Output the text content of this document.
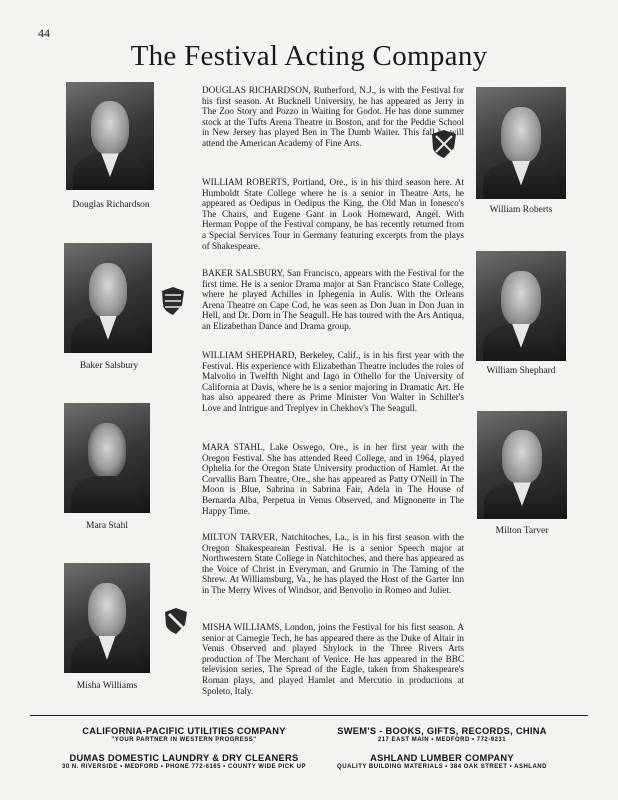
44
The Festival Acting Company
Douglas Richardson	William Roberts
Baker Salsbury	William Shephard
Mara Stahl	Milton Tarver
Misha Williams
DOUGLAS RICHARDSON, Rutherford, N.J., is with the Festival for his first season. At Bucknell University, he has appeared as Jerry in The Zoo Story and Pozzo in Waiting for Godot. He has done summer stock at the Tufts Arena Theatre in Boston, and for the Peddie School in New Jersey has played Ben in The Dumb Waiter. This fall he will attend the American Academy of Fine Arts.
WILLIAM ROBERTS, Portland, Ore., is in his third season here. At Humboldt State College where he is a senior in Theatre Arts, he appeared as Oedipus in Oedipus the King, the Old Man in Ionesco's The Chairs, and Eugene Gant in Look Homeward, Angel. With Herman Poppe of the Festival company, he has recently returned from a Special Services Tour in Germany featuring excerpts from the plays of Shakespeare.
BAKER SALSBURY, San Francisco, appears with the Festival for the first time. He is a senior Drama major at San Francisco State College, where he played Achilles in Iphegenia in Aulis. With the Orleans Arena Theatre on Cape Cod, he was seen as Don Juan in Don Juan in Hell, and Dr. Dorn in The Seagull. He has toured with the Ars Antiqua, an Elizabethan Dance and Drama group.
WILLIAM SHEPHARD, Berkeley, Calif., is in his first year with the Festival. His experience with Elizabethan Theatre includes the roles of Malvolio in Twelfth Night and Iago in Othello for the University of California at Davis, where he is a senior majoring in Dramatic Art. He has also appeared there as Prime Minister Von Walter in Schiller's Love and Intrigue and Treplyev in Chekhov's The Seagull.
MARA STAHL, Lake Oswego, Ore., is in her first year with the Oregon Festival. She has attended Reed College, and in 1964, played Ophelia for the Oregon State University production of Hamlet. At the Corvallis Barn Theatre, Ore., she has appeared as Patty O'Neill in The Moon is Blue, Sabrina in Sabrina Fair, Adela in The House of Bernarda Alba, Perpetua in Venus Observed, and Mignonette in The Happy Time.
MILTON TARVER, Natchitoches, La., is in his first season with the Oregon Shakespearean Festival. He is a senior Speech major at Northwestern State College in Natchitoches, and there has appeared as the Voice of Christ in Everyman, and Grumio in The Taming of the Shrew. At Williamsburg, Va., he has played the Host of the Garter Inn in The Merry Wives of Windsor, and Benvolio in Romeo and Juliet.
MISHA WILLIAMS, London, joins the Festival for his first season. A senior at Carnegie Tech, he has appeared there as the Duke of Altair in Venus Observed and played Shylock in the Three Rivers Arts production of The Merchant of Venice. He has appeared in the BBC television series, The Spread of the Eagle, taken from Shakespeare's Roman plays, and played Hamlet and Mercutio in productions at Spoleto, Italy.
CALIFORNIA-PACIFIC UTILITIES COMPANY
"YOUR PARTNER IN WESTERN PROGRESS"
SWEM'S - BOOKS, GIFTS, RECORDS, CHINA
217 EAST MAIN • MEDFORD • 772-9231
DUMAS DOMESTIC LAUNDRY & DRY CLEANERS
30 N. RIVERSIDE • MEDFORD • PHONE 772-6165 • COUNTY WIDE PICK UP
ASHLAND LUMBER COMPANY
QUALITY BUILDING MATERIALS • 384 OAK STREET • ASHLAND
